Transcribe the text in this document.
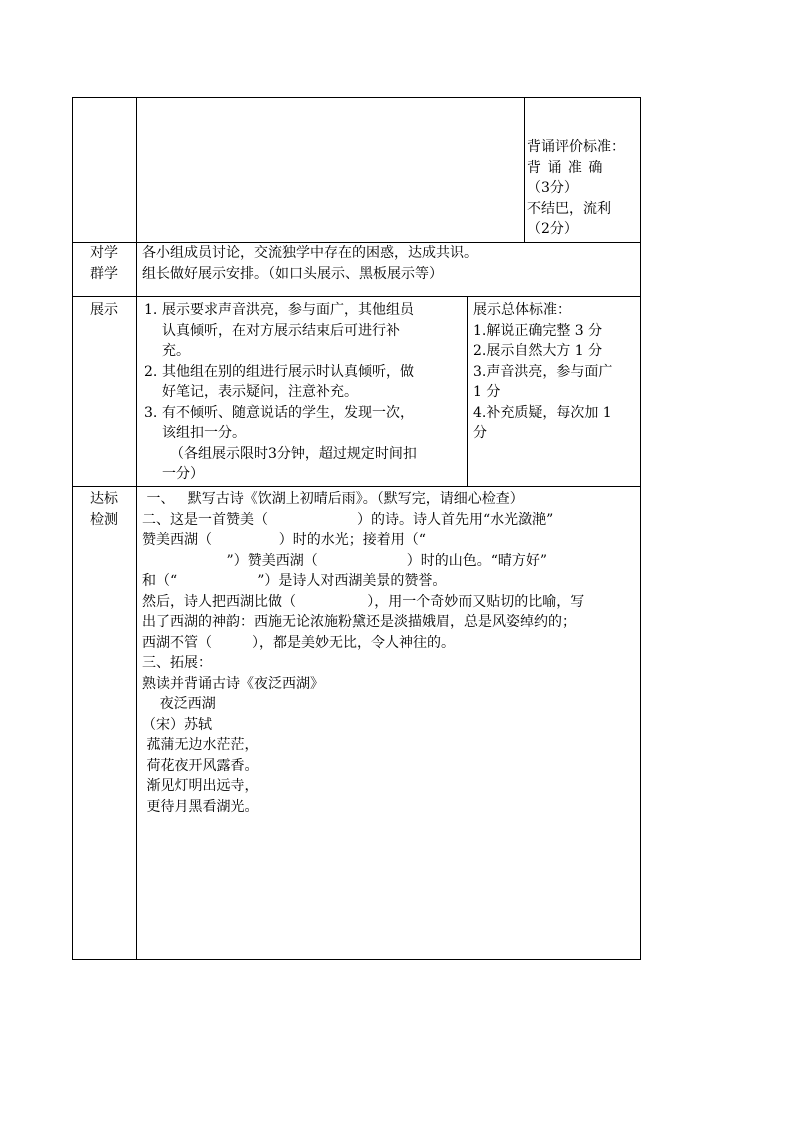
背诵评价标准：

背 诵 准 确

（3分）

不结巴，流利

（2分）

对学

群学

各小组成员讨论，交流独学中存在的困惑，达成共识。

组长做好展示安排。（如口头展示、黑板展示等）

展示	1. 展示要求声音洪亮，参与面广，其他组员

认真倾听，在对方展示结束后可进行补

充。

2. 其他组在别的组进行展示时认真倾听，做

好笔记，表示疑问，注意补充。

3. 有不倾听、随意说话的学生，发现一次，

该组扣一分。

（各组展示限时3分钟，超过规定时间扣

一分）

展示总体标准：

1.解说正确完整 3 分

2.展示自然大方 1 分

3.声音洪亮，参与面广

1 分

4.补充质疑，每次加 1

分

达标

检测

一、   默写古诗《饮湖上初晴后雨》。（默写完，请细心检查）

二、这是一首赞美（                    ）的诗。诗人首先用“水光潋滟”

赞美西湖（               ）时的水光；接着用（“

”）赞美西湖（                    ）时的山色。“晴方好”

和（“                  ”）是诗人对西湖美景的赞誉。

然后，诗人把西湖比做（                ），用一个奇妙而又贴切的比喻，写

出了西湖的神韵：西施无论浓施粉黛还是淡描娥眉，总是风姿绰约的；

西湖不管（         ），都是美妙无比，令人神往的。

三、拓展：

熟读并背诵古诗《夜泛西湖》

夜泛西湖

（宋）苏轼

菰蒲无边水茫茫，

荷花夜开风露香。

渐见灯明出远寺，

更待月黑看湖光。
